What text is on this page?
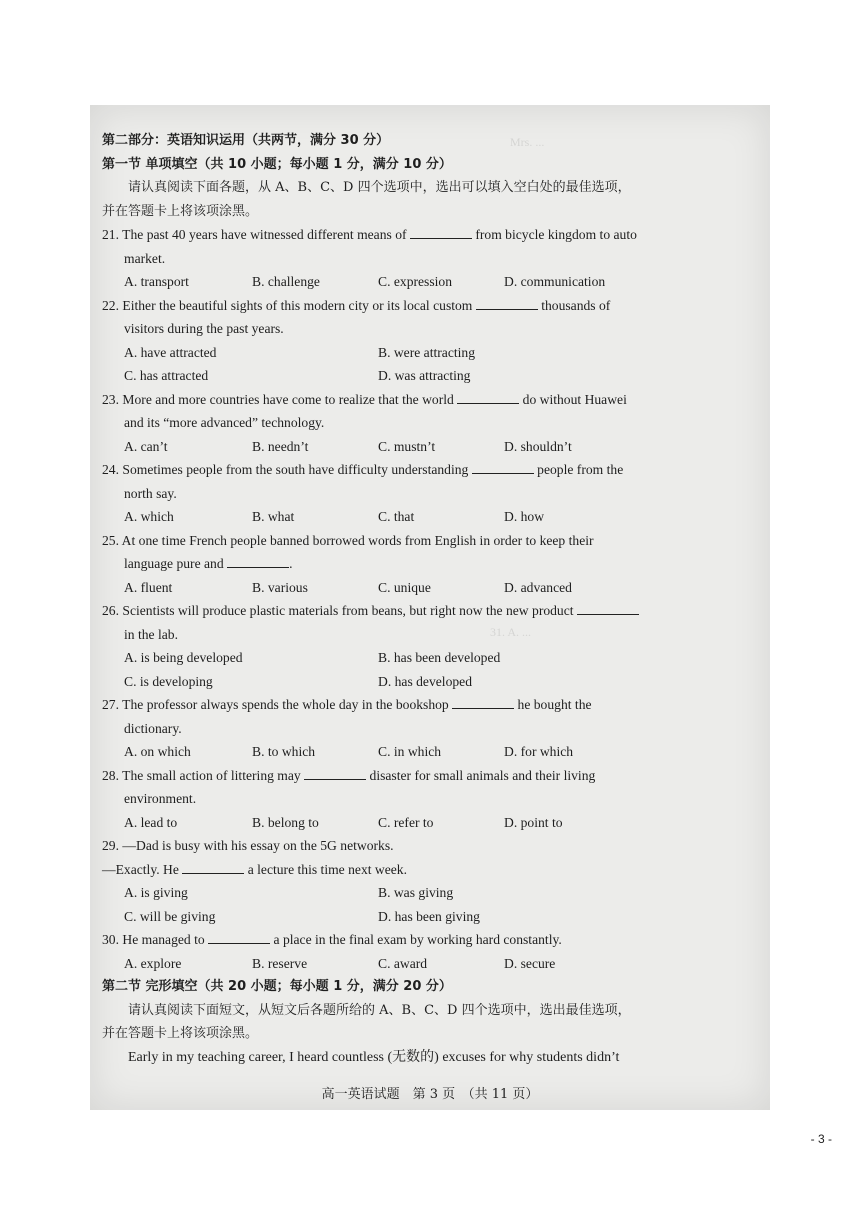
Mrs. ...
31. A. ...
第二部分：英语知识运用（共两节，满分 30 分）
第一节 单项填空（共 10 小题；每小题 1 分，满分 10 分）
请认真阅读下面各题，从 A、B、C、D 四个选项中，选出可以填入空白处的最佳选项，
并在答题卡上将该项涂黑。
21. The past 40 years have witnessed different means of	from bicycle kingdom to auto
market.
A. transport	B. challenge	C. expression	D. communication
22. Either the beautiful sights of this modern city or its local custom	thousands of
visitors during the past years.
A. have attracted	B. were attracting
C. has attracted	D. was attracting
23. More and more countries have come to realize that the world	do without Huawei
and its “more advanced” technology.
A. can’t	B. needn’t	C. mustn’t	D. shouldn’t
24. Sometimes people from the south have difficulty understanding	people from the
north say.
A. which	B. what	C. that	D. how
25. At one time French people banned borrowed words from English in order to keep their
language pure and	.
A. fluent	B. various	C. unique	D. advanced
26. Scientists will produce plastic materials from beans, but right now the new product
in the lab.
A. is being developed	B. has been developed
C. is developing	D. has developed
27. The professor always spends the whole day in the bookshop	he bought the
dictionary.
A. on which	B. to which	C. in which	D. for which
28. The small action of littering may	disaster for small animals and their living
environment.
A. lead to	B. belong to	C. refer to	D. point to
29. —Dad is busy with his essay on the 5G networks.
—Exactly. He	a lecture this time next week.
A. is giving	B. was giving
C. will be giving	D. has been giving
30. He managed to	a place in the final exam by working hard constantly.
A. explore	B. reserve	C. award	D. secure
第二节 完形填空（共 20 小题；每小题 1 分，满分 20 分）
请认真阅读下面短文，从短文后各题所给的 A、B、C、D 四个选项中，选出最佳选项，
并在答题卡上将该项涂黑。
Early in my teaching career, I heard countless (无数的) excuses for why students didn’t
高一英语试题　第 3 页　（共 11 页）
- 3 -
